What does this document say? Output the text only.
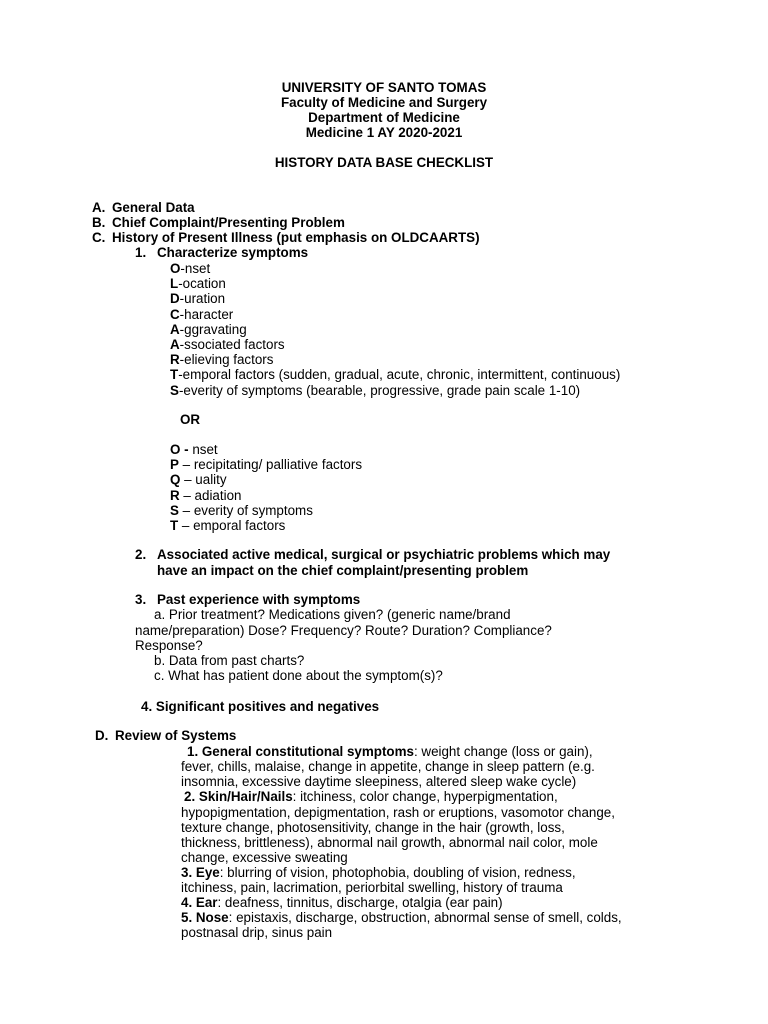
UNIVERSITY OF SANTO TOMAS
Faculty of Medicine and Surgery
Department of Medicine
Medicine 1 AY 2020-2021
HISTORY DATA BASE CHECKLIST
A. General Data
B. Chief Complaint/Presenting Problem
C. History of Present Illness (put emphasis on OLDCAARTS)
1. Characterize symptoms
O-nset
L-ocation
D-uration
C-haracter
A-ggravating
A-ssociated factors
R-elieving factors
T-emporal factors (sudden, gradual, acute, chronic, intermittent, continuous)
S-everity of symptoms (bearable, progressive, grade pain scale 1-10)
OR
O - nset
P – recipitating/ palliative factors
Q – uality
R – adiation
S – everity of symptoms
T – emporal factors
2. Associated active medical, surgical or psychiatric problems which may
have an impact on the chief complaint/presenting problem
3. Past experience with symptoms
a. Prior treatment? Medications given? (generic name/brand
name/preparation) Dose? Frequency? Route? Duration? Compliance?
Response?
b. Data from past charts?
c. What has patient done about the symptom(s)?
4. Significant positives and negatives
D. Review of Systems
1. General constitutional symptoms: weight change (loss or gain),
fever, chills, malaise, change in appetite, change in sleep pattern (e.g.
insomnia, excessive daytime sleepiness, altered sleep wake cycle)
2. Skin/Hair/Nails: itchiness, color change, hyperpigmentation,
hypopigmentation, depigmentation, rash or eruptions, vasomotor change,
texture change, photosensitivity, change in the hair (growth, loss,
thickness, brittleness), abnormal nail growth, abnormal nail color, mole
change, excessive sweating
3. Eye: blurring of vision, photophobia, doubling of vision, redness,
itchiness, pain, lacrimation, periorbital swelling, history of trauma
4. Ear: deafness, tinnitus, discharge, otalgia (ear pain)
5. Nose: epistaxis, discharge, obstruction, abnormal sense of smell, colds,
postnasal drip, sinus pain
